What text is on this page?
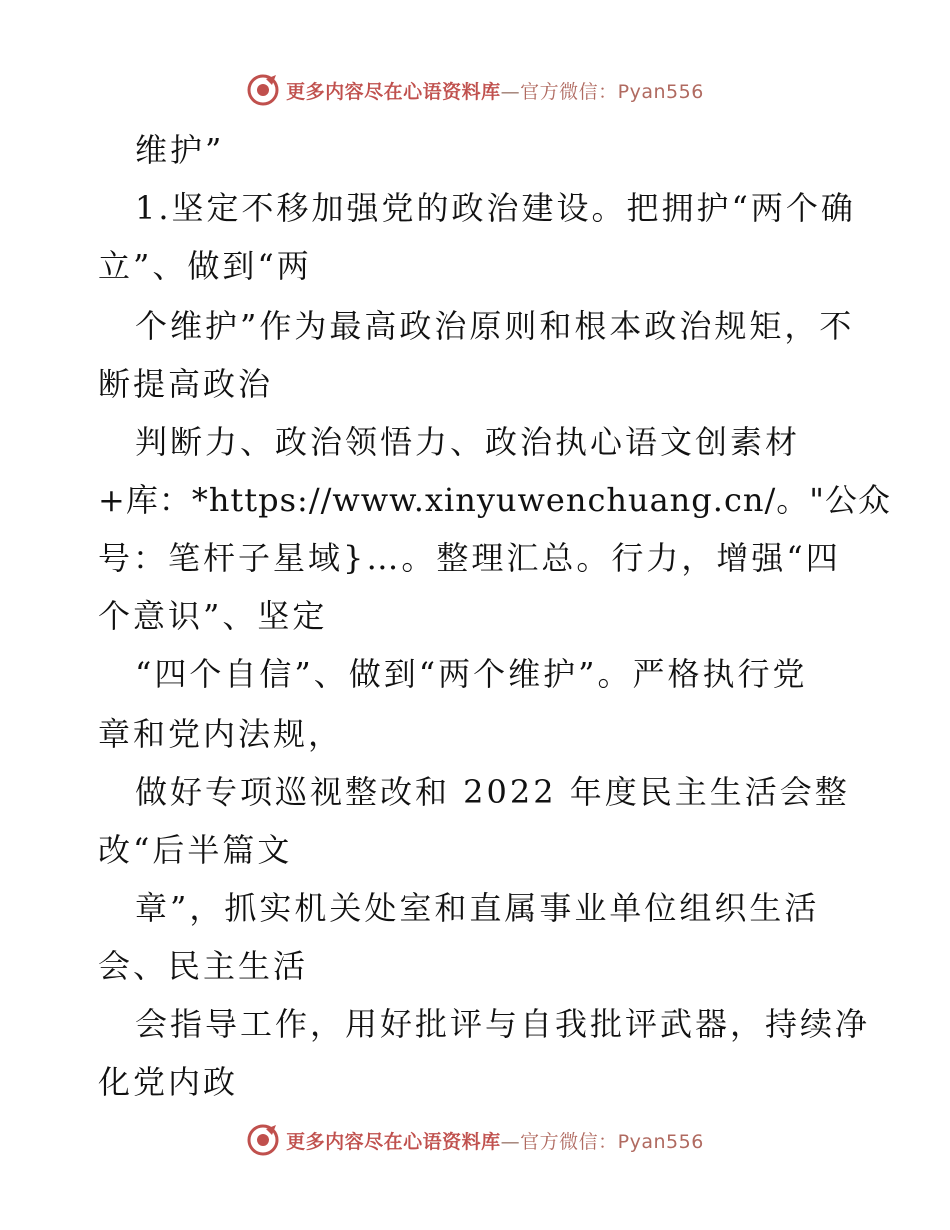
更多内容尽在心语资料库—官方微信：Pyan556
维护”
1.坚定不移加强党的政治建设。把拥护“两个确
立”、做到“两
个维护”作为最高政治原则和根本政治规矩，不
断提高政治
判断力、政治领悟力、政治执心语文创素材
+库：*https://www.xinyuwenchuang.cn/。"公众
号：笔杆子星域}…。整理汇总。行力，增强“四
个意识”、坚定
“四个自信”、做到“两个维护”。严格执行党
章和党内法规，
做好专项巡视整改和 2022 年度民主生活会整
改“后半篇文
章”，抓实机关处室和直属事业单位组织生活
会、民主生活
会指导工作，用好批评与自我批评武器，持续净
化党内政
更多内容尽在心语资料库—官方微信：Pyan556
